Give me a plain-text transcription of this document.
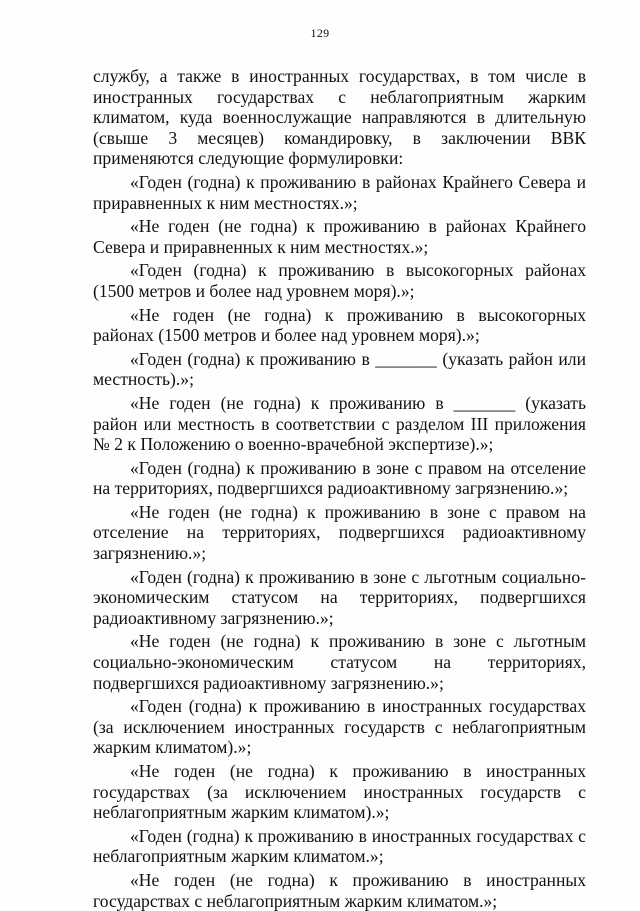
129

службу, а также в иностранных государствах, в том числе в иностранных государствах с неблагоприятным жарким климатом, куда военнослужащие направляются в длительную (свыше 3 месяцев) командировку, в заключении ВВК применяются следующие формулировки:

«Годен (годна) к проживанию в районах Крайнего Севера и приравненных к ним местностях.»;

«Не годен (не годна) к проживанию в районах Крайнего Севера и приравненных к ним местностях.»;

«Годен (годна) к проживанию в высокогорных районах (1500 метров и более над уровнем моря).»;

«Не годен (не годна) к проживанию в высокогорных районах (1500 метров и более над уровнем моря).»;

«Годен (годна) к проживанию в _______ (указать район или местность).»;

«Не годен (не годна) к проживанию в _______ (указать район или местность в соответствии с разделом III приложения № 2 к Положению о военно-врачебной экспертизе).»;

«Годен (годна) к проживанию в зоне с правом на отселение на территориях, подвергшихся радиоактивному загрязнению.»;

«Не годен (не годна) к проживанию в зоне с правом на отселение на территориях, подвергшихся радиоактивному загрязнению.»;

«Годен (годна) к проживанию в зоне с льготным социально-экономическим статусом на территориях, подвергшихся радиоактивному загрязнению.»;

«Не годен (не годна) к проживанию в зоне с льготным социально-экономическим статусом на территориях, подвергшихся радиоактивному загрязнению.»;

«Годен (годна) к проживанию в иностранных государствах (за исключением иностранных государств с неблагоприятным жарким климатом).»;

«Не годен (не годна) к проживанию в иностранных государствах (за исключением иностранных государств с неблагоприятным жарким климатом).»;

«Годен (годна) к проживанию в иностранных государствах с неблагоприятным жарким климатом.»;

«Не годен (не годна) к проживанию в иностранных государствах с неблагоприятным жарким климатом.»;
